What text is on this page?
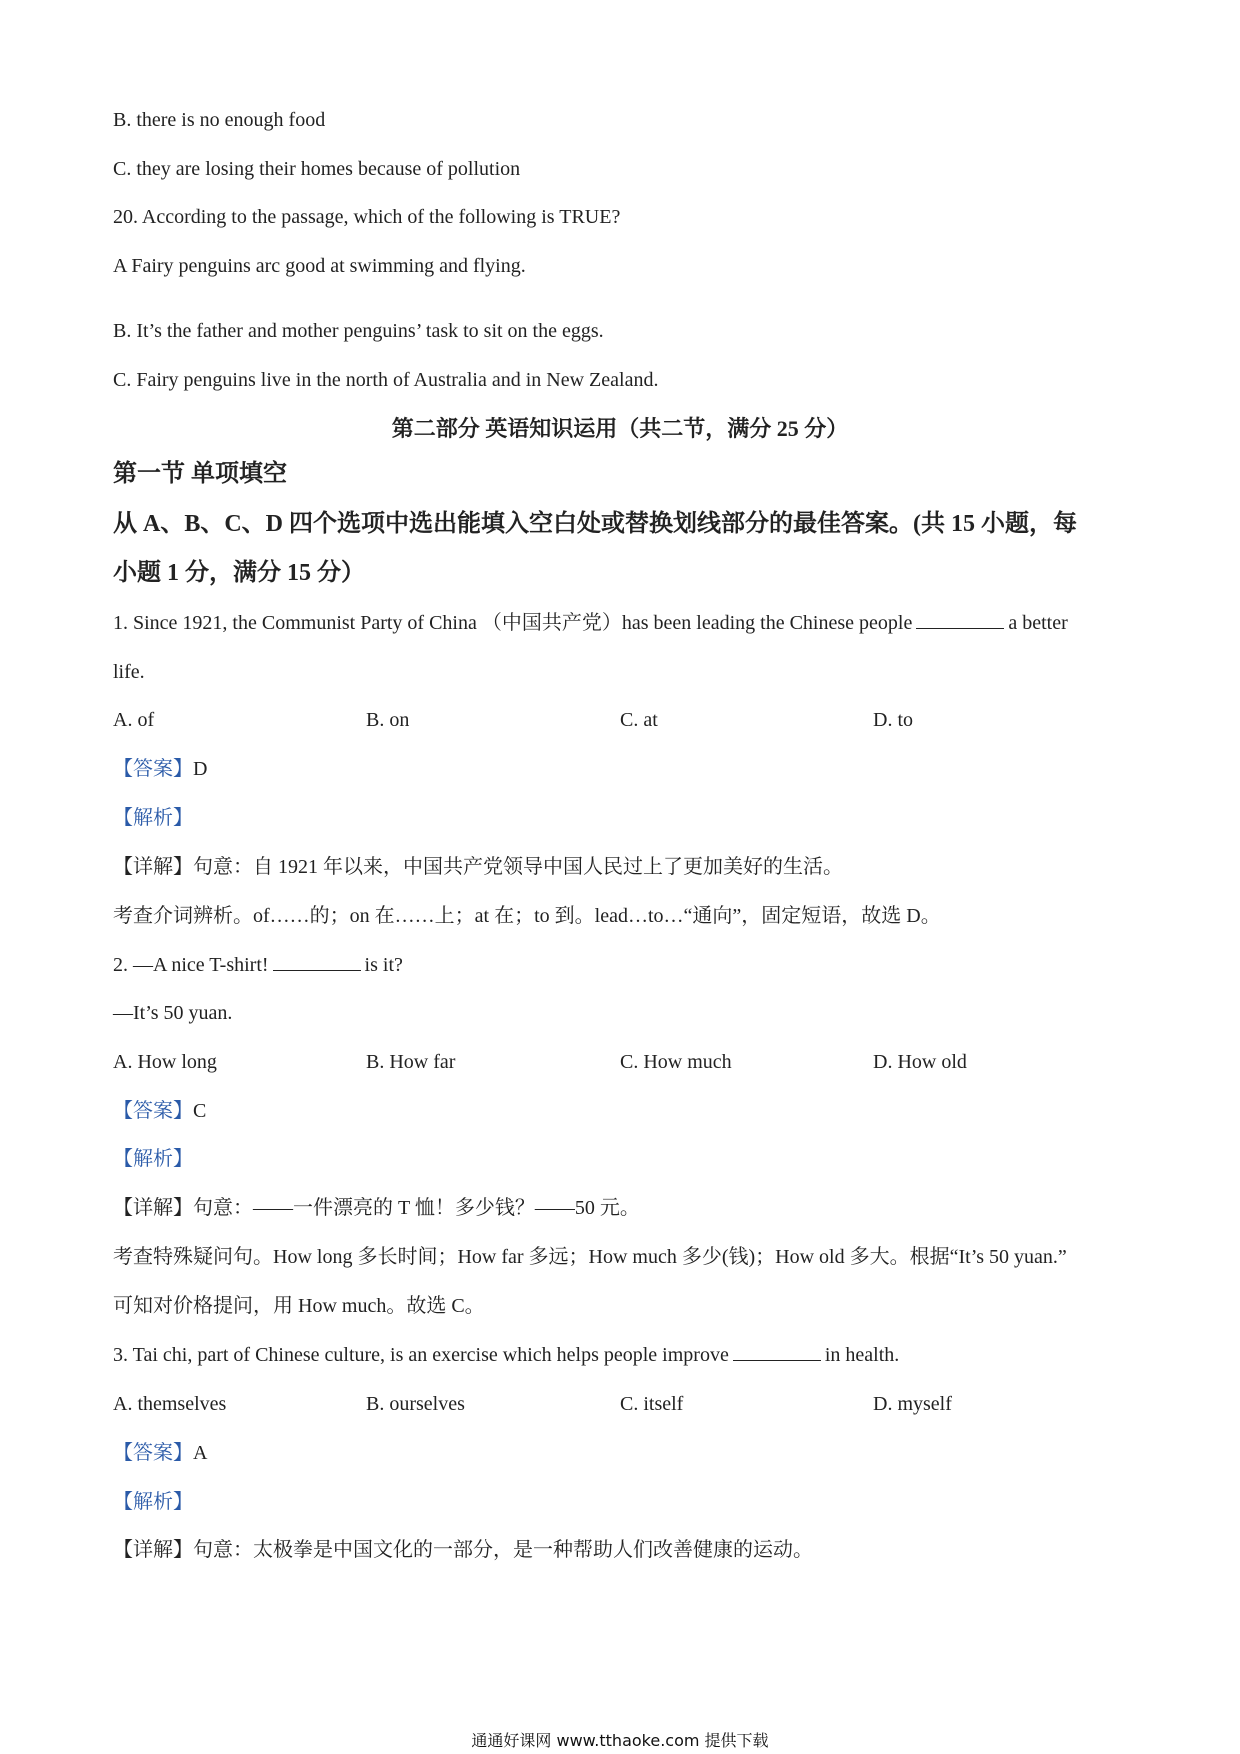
B. there is no enough food
C. they are losing their homes because of pollution
20. According to the passage, which of the following is TRUE?
A Fairy penguins arc good at swimming and flying.
B. It’s the father and mother penguins’ task to sit on the eggs.
C. Fairy penguins live in the north of Australia and in New Zealand.
第二部分 英语知识运用（共二节，满分 25 分）
第一节 单项填空
从 A、B、C、D 四个选项中选出能填入空白处或替换划线部分的最佳答案。(共 15 小题，每
小题 1 分，满分 15 分）
1. Since 1921, the Communist Party of China （中国共产党）has been leading the Chinese people	a better
life.
A. of	B. on	C. at	D. to
【答案】D
【解析】
【详解】句意：自 1921 年以来，中国共产党领导中国人民过上了更加美好的生活。
考查介词辨析。of……的；on 在……上；at 在；to 到。lead…to…“通向”，固定短语，故选 D。
2. —A nice T-shirt!	is it?
—It’s 50 yuan.
A. How long	B. How far	C. How much	D. How old
【答案】C
【解析】
【详解】句意：——一件漂亮的 T 恤！多少钱？——50 元。
考查特殊疑问句。How long 多长时间；How far 多远；How much 多少(钱)；How old 多大。根据“It’s 50 yuan.”
可知对价格提问，用 How much。故选 C。
3. Tai chi, part of Chinese culture, is an exercise which helps people improve	in health.
A. themselves	B. ourselves	C. itself	D. myself
【答案】A
【解析】
【详解】句意：太极拳是中国文化的一部分，是一种帮助人们改善健康的运动。
通通好课网 www.tthaoke.com 提供下载
